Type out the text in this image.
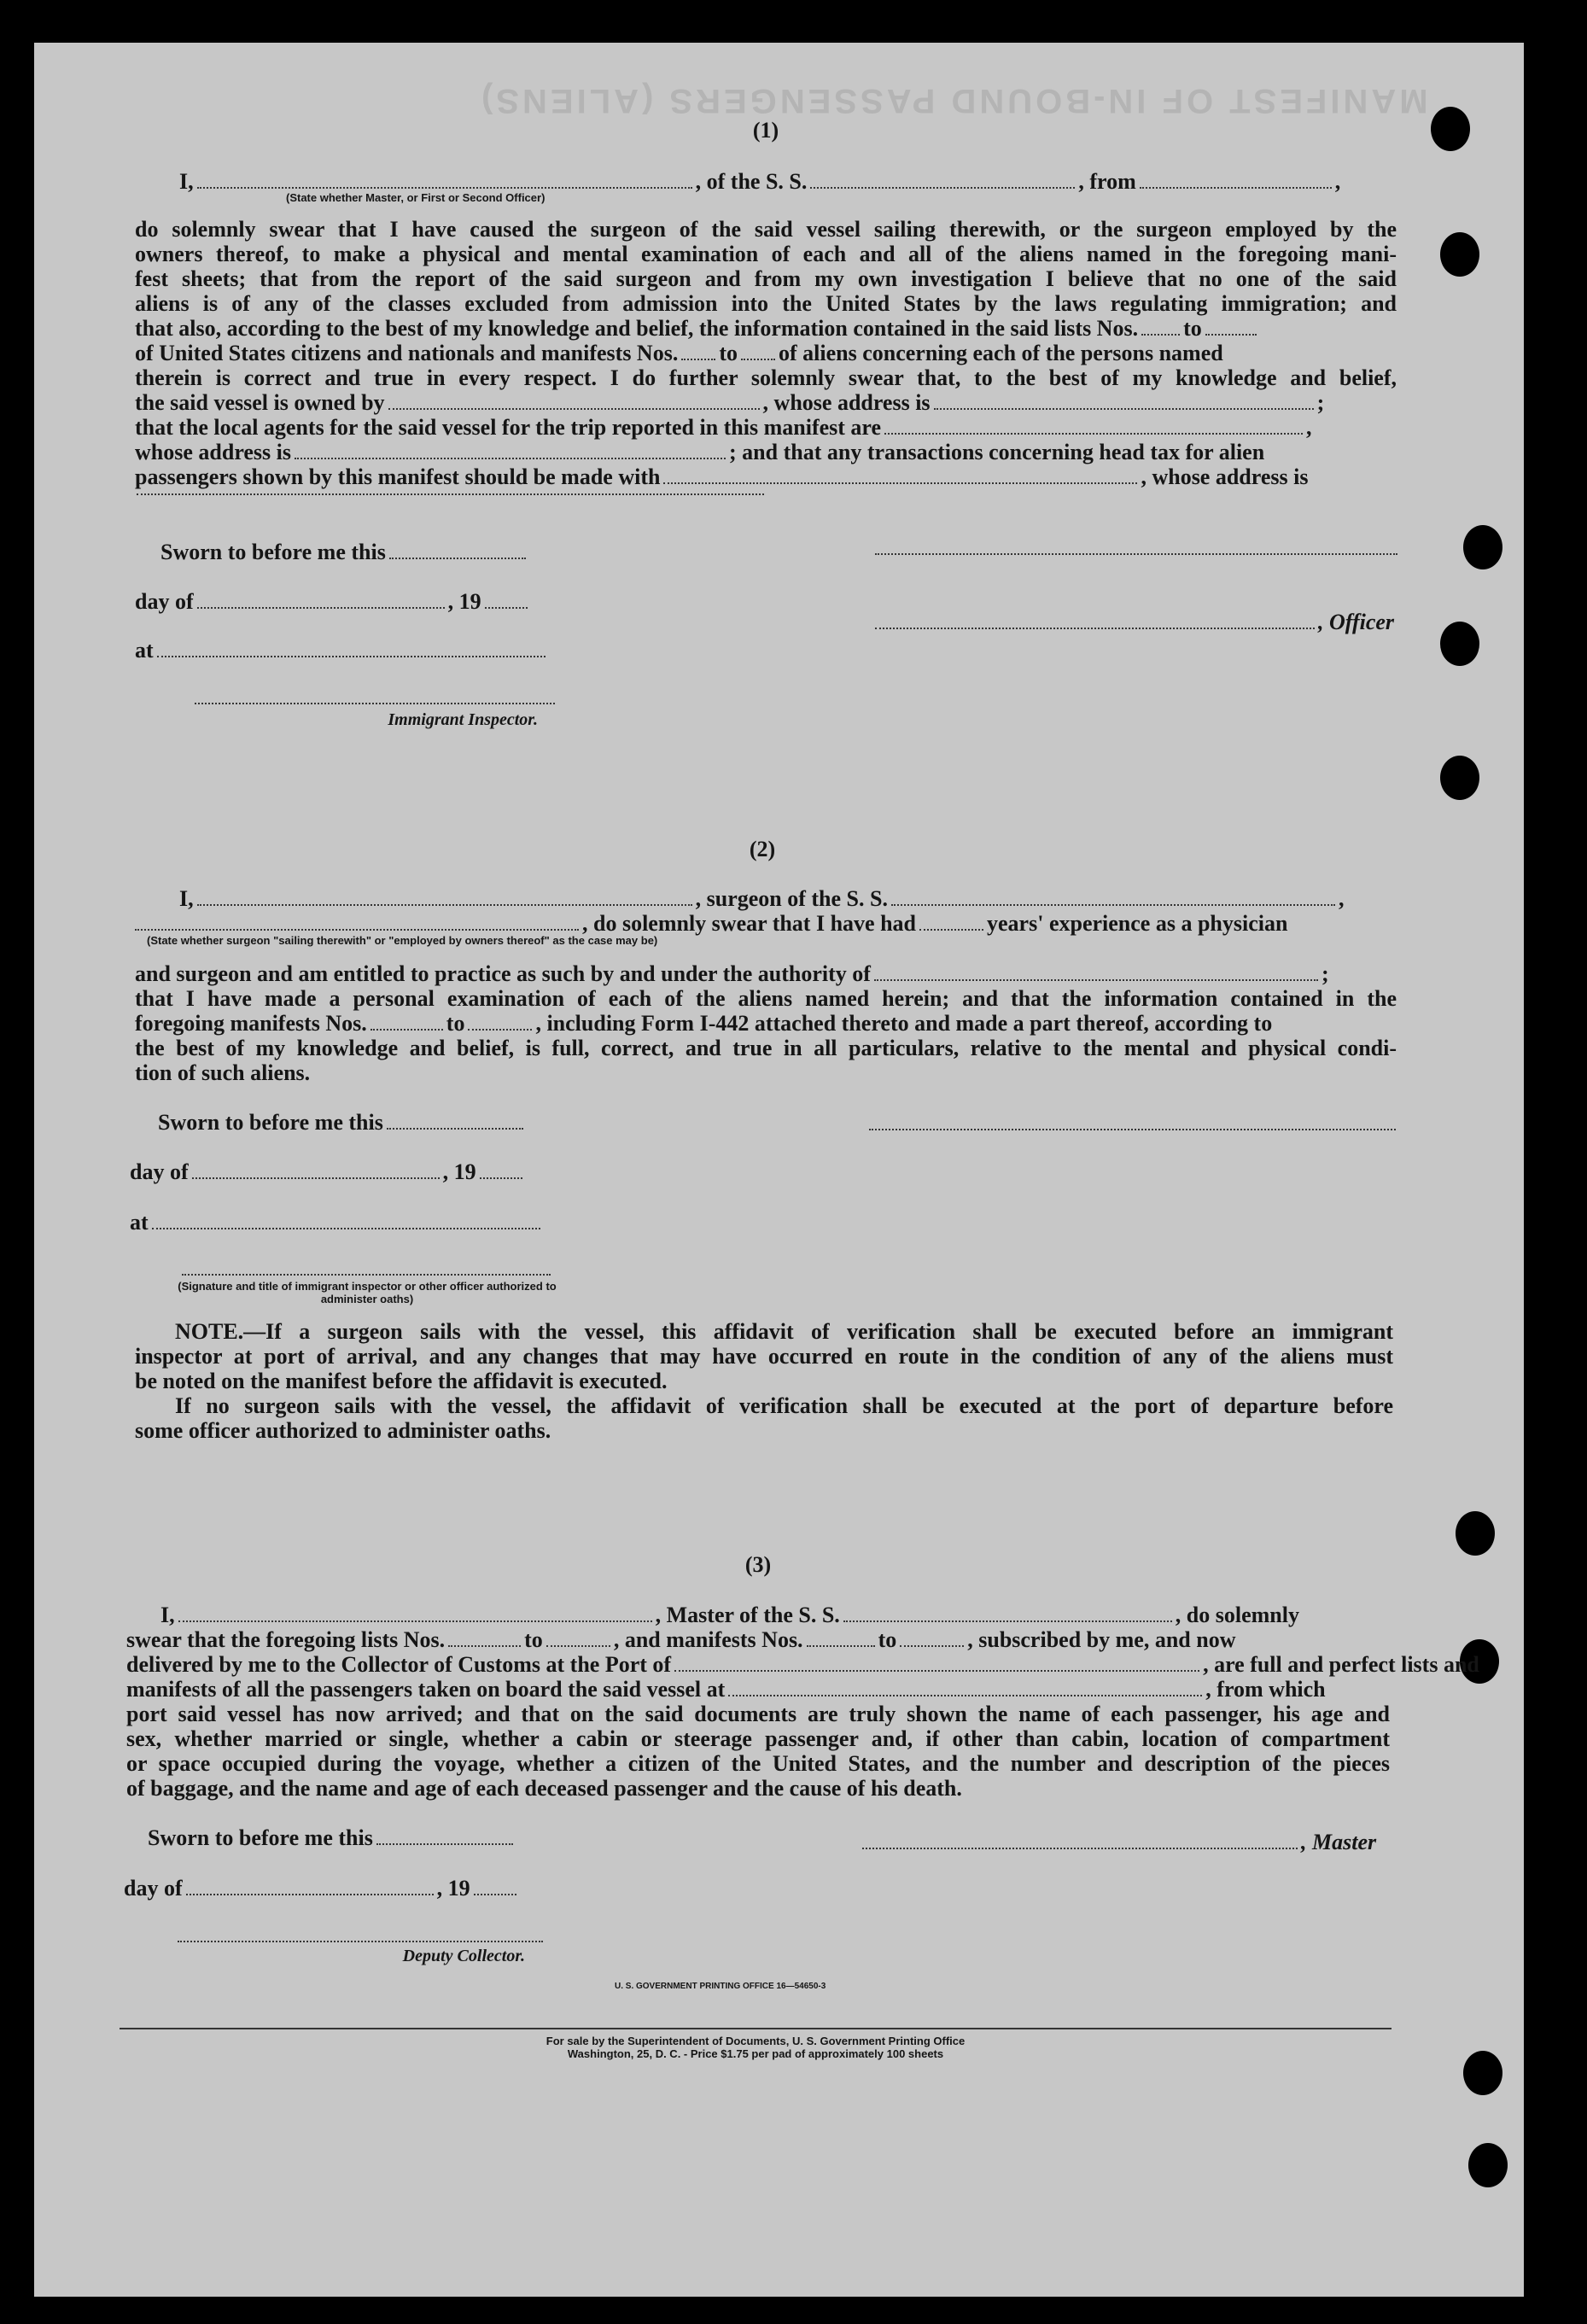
MANIFEST OF IN-BOUND PASSENGERS (ALIENS)
(1)
I,	, of the S. S.	, from	,
(State whether Master, or First or Second Officer)
do solemnly swear that I have caused the surgeon of the said vessel sailing therewith, or the surgeon employed by the
owners thereof, to make a physical and mental examination of each and all of the aliens named in the foregoing mani-
fest sheets; that from the report of the said surgeon and from my own investigation I believe that no one of the said
aliens is of any of the classes excluded from admission into the United States by the laws regulating immigration; and
that also, according to the best of my knowledge and belief, the information contained in the said lists Nos. to
of United States citizens and nationals and manifests Nos. to of aliens concerning each of the persons named
therein is correct and true in every respect. I do further solemnly swear that, to the best of my knowledge and belief,
the said vessel is owned by	, whose address is	;
that the local agents for the said vessel for the trip reported in this manifest are	,
whose address is	; and that any transactions concerning head tax for alien
passengers shown by this manifest should be made with	, whose address is
Sworn to before me this
day of	, 19
at
, Officer
Immigrant Inspector.
(2)
I,	, surgeon of the S. S.	,
, do solemnly swear that I have had	years' experience as a physician
(State whether surgeon "sailing therewith" or "employed by owners thereof" as the case may be)
and surgeon and am entitled to practice as such by and under the authority of	;
that I have made a personal examination of each of the aliens named herein; and that the information contained in the
foregoing manifests Nos.	to	, including Form I-442 attached thereto and made a part thereof, according to
the best of my knowledge and belief, is full, correct, and true in all particulars, relative to the mental and physical condi-
tion of such aliens.
Sworn to before me this
day of	, 19
at
(Signature and title of immigrant inspector or other officer authorized to administer oaths)
NOTE.—If a surgeon sails with the vessel, this affidavit of verification shall be executed before an immigrant
inspector at port of arrival, and any changes that may have occurred en route in the condition of any of the aliens must
be noted on the manifest before the affidavit is executed.
If no surgeon sails with the vessel, the affidavit of verification shall be executed at the port of departure before
some officer authorized to administer oaths.
(3)
I,	, Master of the S. S.	, do solemnly
swear that the foregoing lists Nos.	to	, and manifests Nos.	to	, subscribed by me, and now
delivered by me to the Collector of Customs at the Port of	, are full and perfect lists and
manifests of all the passengers taken on board the said vessel at	, from which
port said vessel has now arrived; and that on the said documents are truly shown the name of each passenger, his age and
sex, whether married or single, whether a cabin or steerage passenger and, if other than cabin, location of compartment
or space occupied during the voyage, whether a citizen of the United States, and the number and description of the pieces
of baggage, and the name and age of each deceased passenger and the cause of his death.
Sworn to before me this
day of	, 19
, Master
Deputy Collector.
U. S. GOVERNMENT PRINTING OFFICE 16—54650-3
For sale by the Superintendent of Documents, U. S. Government Printing Office
Washington, 25, D. C. - Price $1.75 per pad of approximately 100 sheets
